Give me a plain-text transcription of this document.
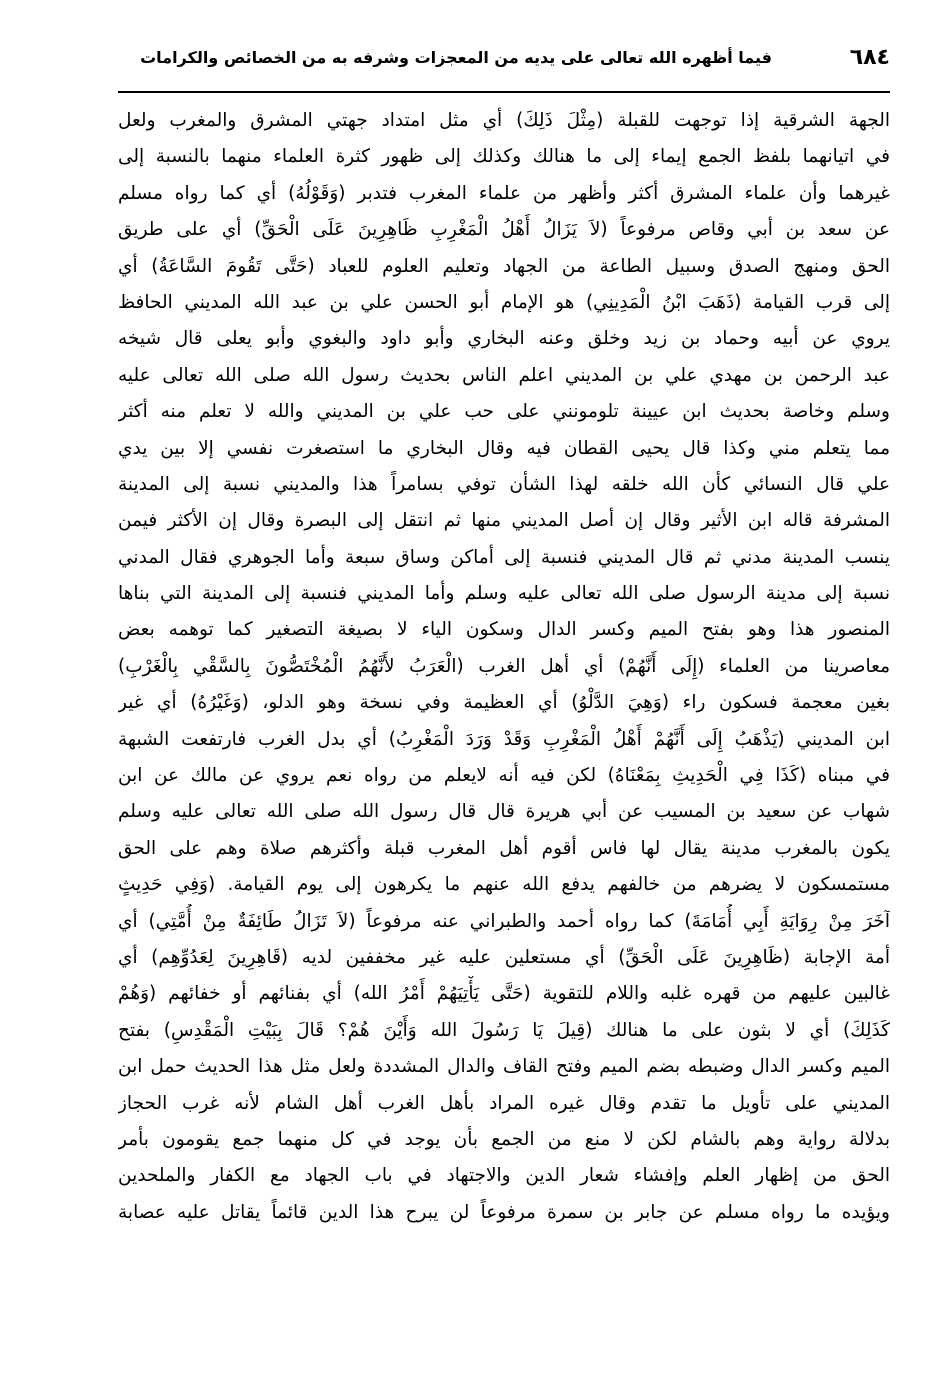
فيما أظهره الله تعالى على يديه من المعجزات وشرفه به من الخصائص والكرامات	٦٨٤
الجهة الشرقية إذا توجهت للقبلة (مِثْلَ ذَلِكَ) أي مثل امتداد جهتي المشرق والمغرب ولعل
في اتيانهما بلفظ الجمع إيماء إلى ما هنالك وكذلك إلى ظهور كثرة العلماء منهما بالنسبة إلى
غيرهما وأن علماء المشرق أكثر وأظهر من علماء المغرب فتدبر (وَقَوْلُهُ) أي كما رواه مسلم
عن سعد بن أبي وقاص مرفوعاً (لاَ يَزَالُ أَهْلُ الْمَغْرِبِ ظَاهِرِينَ عَلَى الْحَقِّ) أي على طريق
الحق ومنهج الصدق وسبيل الطاعة من الجهاد وتعليم العلوم للعباد (حَتَّى تَقُومَ السَّاعَةُ) أي
إلى قرب القيامة (ذَهَبَ ابْنُ الْمَدِينِي) هو الإمام أبو الحسن علي بن عبد الله المديني الحافظ
يروي عن أبيه وحماد بن زيد وخلق وعنه البخاري وأبو داود والبغوي وأبو يعلى قال شيخه
عبد الرحمن بن مهدي علي بن المديني اعلم الناس بحديث رسول الله صلى الله تعالى عليه
وسلم وخاصة بحديث ابن عيينة تلومونني على حب علي بن المديني والله لا تعلم منه أكثر
مما يتعلم مني وكذا قال يحيى القطان فيه وقال البخاري ما استصغرت نفسي إلا بين يدي
علي قال النسائي كأن الله خلقه لهذا الشأن توفي بسامراً هذا والمديني نسبة إلى المدينة
المشرفة قاله ابن الأثير وقال إن أصل المديني منها ثم انتقل إلى البصرة وقال إن الأكثر فيمن
ينسب المدينة مدني ثم قال المديني فنسبة إلى أماكن وساق سبعة وأما الجوهري فقال المدني
نسبة إلى مدينة الرسول صلى الله تعالى عليه وسلم وأما المديني فنسبة إلى المدينة التي بناها
المنصور هذا وهو بفتح الميم وكسر الدال وسكون الياء لا بصيغة التصغير كما توهمه بعض
معاصرينا من العلماء (إِلَى أَنَّهُمْ) أي أهل الغرب (الْعَرَبُ لأَنَّهُمُ الْمُخْتَصُّونَ بِالسَّقْي بِالْغَرْبِ)
بغين معجمة فسكون راء (وَهِيَ الدَّلْوُ) أي العظيمة وفي نسخة وهو الدلو، (وَغَيْرُهُ) أي غير
ابن المديني (يَذْهَبُ إِلَى أَنَّهُمْ أَهْلُ الْمَغْرِبِ وَقَدْ وَرَدَ الْمَغْرِبُ) أي بدل الغرب فارتفعت الشبهة
في مبناه (كَذَا فِي الْحَدِيثِ بِمَعْنَاهُ) لكن فيه أنه لايعلم من رواه نعم يروي عن مالك عن ابن
شهاب عن سعيد بن المسيب عن أبي هريرة قال قال رسول الله صلى الله تعالى عليه وسلم
يكون بالمغرب مدينة يقال لها فاس أقوم أهل المغرب قبلة وأكثرهم صلاة وهم على الحق
مستمسكون لا يضرهم من خالفهم يدفع الله عنهم ما يكرهون إلى يوم القيامة. (وَفِي حَدِيثٍ
آخَرَ مِنْ رِوَايَةِ أَبِي أُمَامَةَ) كما رواه أحمد والطبراني عنه مرفوعاً (لاَ تَزَالُ طَائِفَةٌ مِنْ أُمَّتِي) أي
أمة الإجابة (ظَاهِرِينَ عَلَى الْحَقِّ) أي مستعلين عليه غير مخففين لديه (قَاهِرِينَ لِعَدُوِّهِم) أي
غالبين عليهم من قهره غلبه واللام للتقوية (حَتَّى يَأْتِيَهُمْ أَمْرُ الله) أي بفنائهم أو خفائهم (وَهُمْ
كَذَلِكَ) أي لا بثون على ما هنالك (قِيلَ يَا رَسُولَ الله وَأَيْنَ هُمْ؟ قَالَ بِبَيْتِ الْمَقْدِسِ) بفتح
الميم وكسر الدال وضبطه بضم الميم وفتح القاف والدال المشددة ولعل مثل هذا الحديث حمل ابن
المديني على تأويل ما تقدم وقال غيره المراد بأهل الغرب أهل الشام لأنه غرب الحجاز
بدلالة رواية وهم بالشام لكن لا منع من الجمع بأن يوجد في كل منهما جمع يقومون بأمر
الحق من إظهار العلم وإفشاء شعار الدين والاجتهاد في باب الجهاد مع الكفار والملحدين
ويؤيده ما رواه مسلم عن جابر بن سمرة مرفوعاً لن يبرح هذا الدين قائماً يقاتل عليه عصابة
